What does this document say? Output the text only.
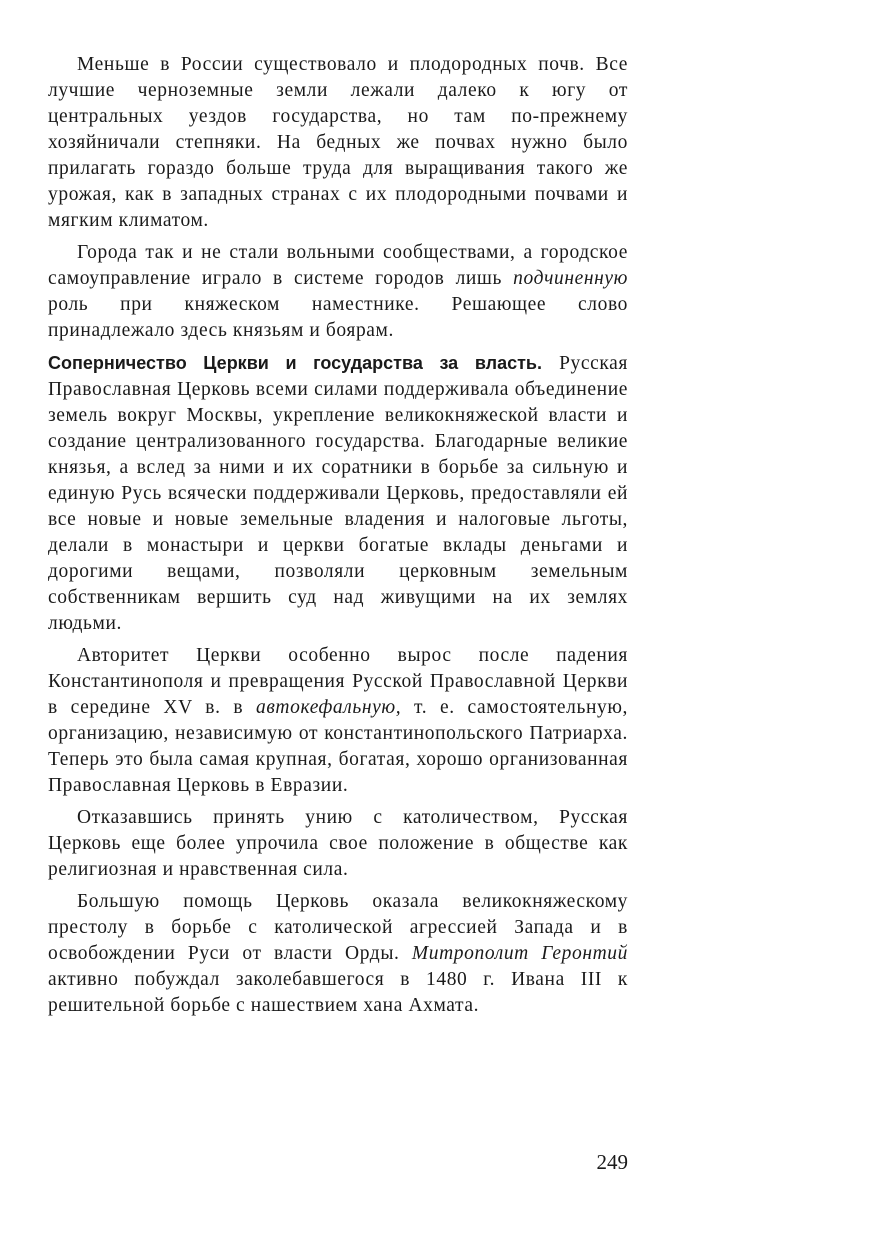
Меньше в России существовало и плодородных почв. Все лучшие черноземные земли лежали далеко к югу от центральных уездов государства, но там по-прежнему хозяйничали степняки. На бедных же почвах нужно было прилагать гораздо больше труда для выращивания такого же урожая, как в западных странах с их плодородными почвами и мягким климатом.

Города так и не стали вольными сообществами, а городское самоуправление играло в системе городов лишь подчиненную роль при княжеском наместнике. Решающее слово принадлежало здесь князьям и боярам.

Соперничество Церкви и государства за власть. Русская Православная Церковь всеми силами поддерживала объединение земель вокруг Москвы, укрепление великокняжеской власти и создание централизованного государства. Благодарные великие князья, а вслед за ними и их соратники в борьбе за сильную и единую Русь всячески поддерживали Церковь, предоставляли ей все новые и новые земельные владения и налоговые льготы, делали в монастыри и церкви богатые вклады деньгами и дорогими вещами, позволяли церковным земельным собственникам вершить суд над живущими на их землях людьми.

Авторитет Церкви особенно вырос после падения Константинополя и превращения Русской Православной Церкви в середине XV в. в автокефальную, т. е. самостоятельную, организацию, независимую от константинопольского Патриарха. Теперь это была самая крупная, богатая, хорошо организованная Православная Церковь в Евразии.

Отказавшись принять унию с католичеством, Русская Церковь еще более упрочила свое положение в обществе как религиозная и нравственная сила.

Большую помощь Церковь оказала великокняжескому престолу в борьбе с католической агрессией Запада и в освобождении Руси от власти Орды. Митрополит Геронтий активно побуждал заколебавшегося в 1480 г. Ивана III к решительной борьбе с нашествием хана Ахмата.

249
